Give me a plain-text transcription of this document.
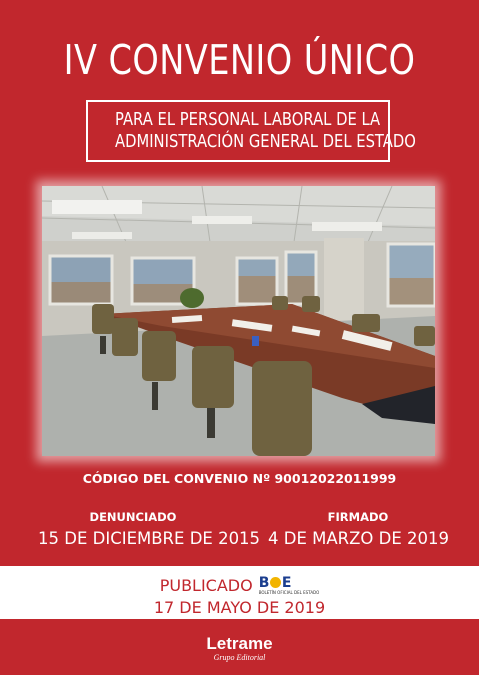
IV CONVENIO ÚNICO
PARA EL PERSONAL LABORAL DE LA
ADMINISTRACIÓN GENERAL DEL ESTADO
CÓDIGO DEL CONVENIO Nº 90012022011999
DENUNCIADO
15 DE DICIEMBRE DE 2015
FIRMADO
4 DE MARZO DE 2019
PUBLICADO B E
BOLETÍN OFICIAL DEL ESTADO
17 DE MAYO DE 2019
Letrame
Grupo Editorial
